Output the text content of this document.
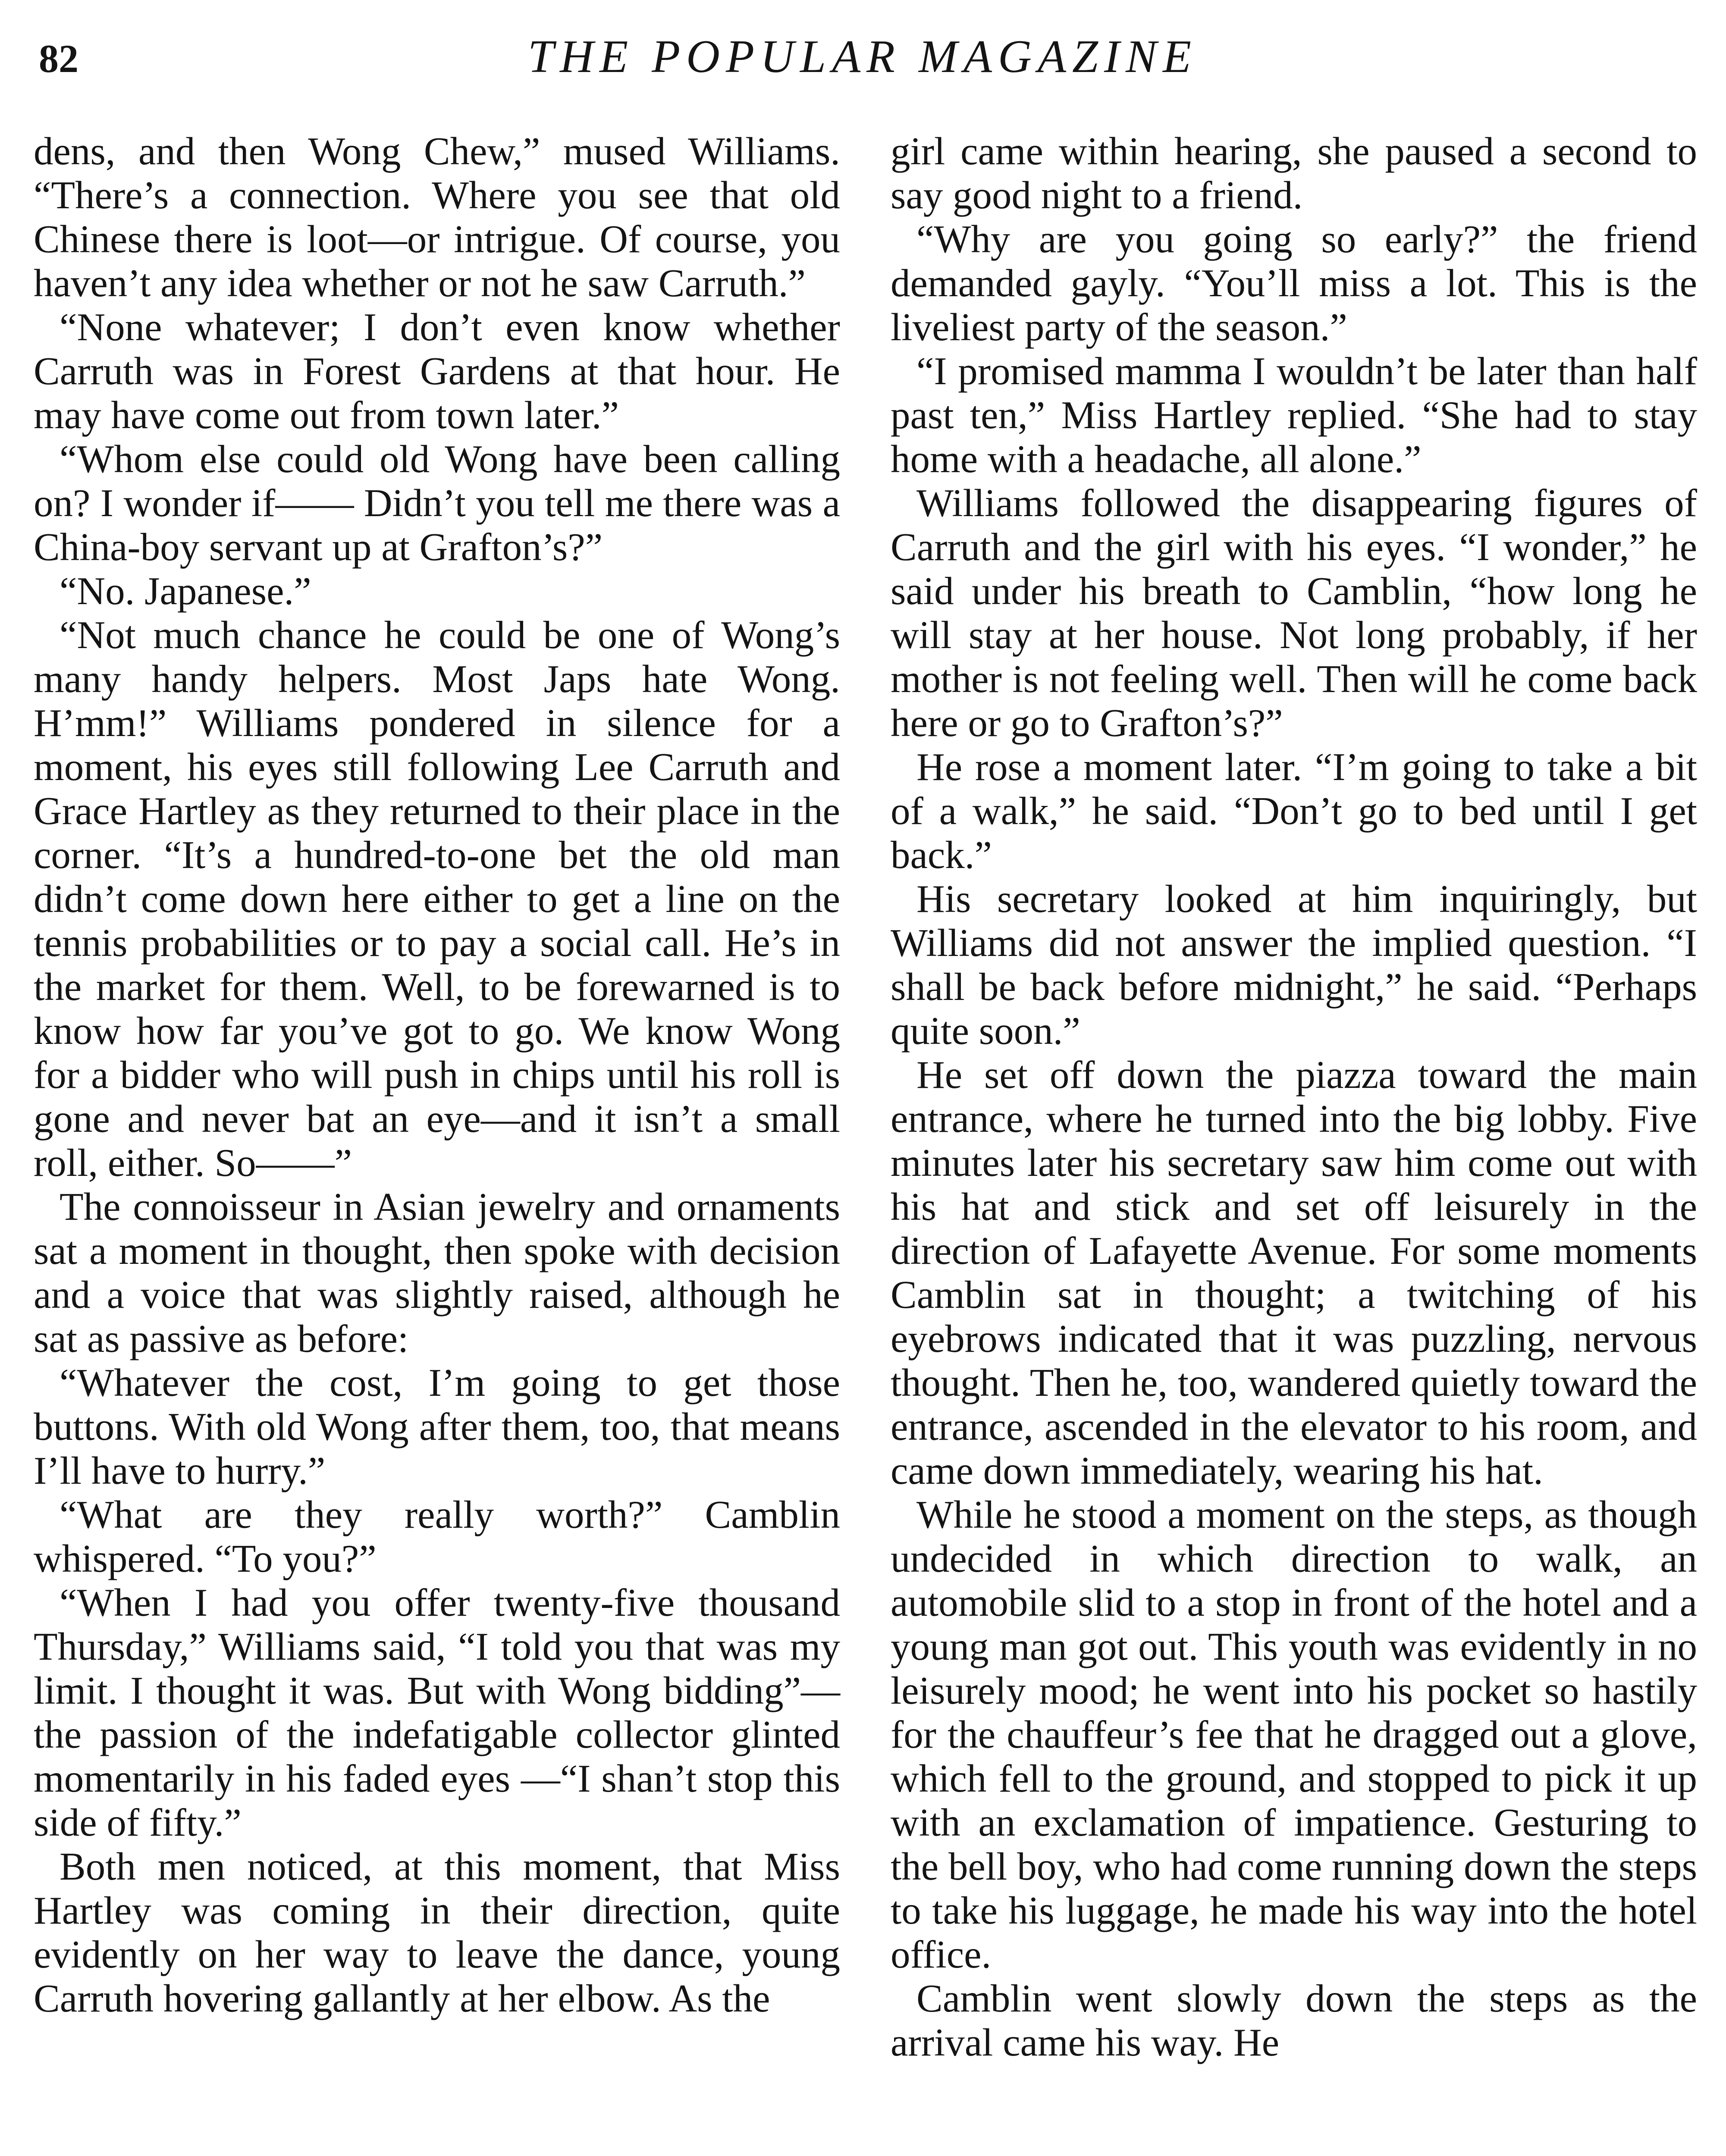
82	THE POPULAR MAGAZINE

dens, and then Wong Chew,” mused Williams. “There’s a connection. Where you see that old Chinese there is loot—or intrigue. Of course, you haven’t any idea whether or not he saw Carruth.”

“None whatever; I don’t even know whether Carruth was in Forest Gardens at that hour. He may have come out from town later.”

“Whom else could old Wong have been calling on? I wonder if—— Didn’t you tell me there was a China-boy servant up at Grafton’s?”

“No. Japanese.”

“Not much chance he could be one of Wong’s many handy helpers. Most Japs hate Wong. H’mm!” Williams pondered in silence for a moment, his eyes still following Lee Carruth and Grace Hartley as they returned to their place in the corner. “It’s a hundred-to-one bet the old man didn’t come down here either to get a line on the tennis probabilities or to pay a social call. He’s in the market for them. Well, to be forewarned is to know how far you’ve got to go. We know Wong for a bidder who will push in chips until his roll is gone and never bat an eye—and it isn’t a small roll, either. So——”

The connoisseur in Asian jewelry and ornaments sat a moment in thought, then spoke with decision and a voice that was slightly raised, although he sat as passive as before:

“Whatever the cost, I’m going to get those buttons. With old Wong after them, too, that means I’ll have to hurry.”

“What are they really worth?” Camblin whispered. “To you?”

“When I had you offer twenty-five thousand Thursday,” Williams said, “I told you that was my limit. I thought it was. But with Wong bidding”—the passion of the indefatigable collector glinted momentarily in his faded eyes —“I shan’t stop this side of fifty.”

Both men noticed, at this moment, that Miss Hartley was coming in their direction, quite evidently on her way to leave the dance, young Carruth hovering gallantly at her elbow. As the

girl came within hearing, she paused a second to say good night to a friend.

“Why are you going so early?” the friend demanded gayly. “You’ll miss a lot. This is the liveliest party of the season.”

“I promised mamma I wouldn’t be later than half past ten,” Miss Hartley replied. “She had to stay home with a headache, all alone.”

Williams followed the disappearing figures of Carruth and the girl with his eyes. “I wonder,” he said under his breath to Camblin, “how long he will stay at her house. Not long probably, if her mother is not feeling well. Then will he come back here or go to Grafton’s?”

He rose a moment later. “I’m going to take a bit of a walk,” he said. “Don’t go to bed until I get back.”

His secretary looked at him inquiringly, but Williams did not answer the implied question. “I shall be back before midnight,” he said. “Perhaps quite soon.”

He set off down the piazza toward the main entrance, where he turned into the big lobby. Five minutes later his secretary saw him come out with his hat and stick and set off leisurely in the direction of Lafayette Avenue. For some moments Camblin sat in thought; a twitching of his eyebrows indicated that it was puzzling, nervous thought. Then he, too, wandered quietly toward the entrance, ascended in the elevator to his room, and came down immediately, wearing his hat.

While he stood a moment on the steps, as though undecided in which direction to walk, an automobile slid to a stop in front of the hotel and a young man got out. This youth was evidently in no leisurely mood; he went into his pocket so hastily for the chauffeur’s fee that he dragged out a glove, which fell to the ground, and stopped to pick it up with an exclamation of impatience. Gesturing to the bell boy, who had come running down the steps to take his luggage, he made his way into the hotel office.

Camblin went slowly down the steps as the arrival came his way. He
